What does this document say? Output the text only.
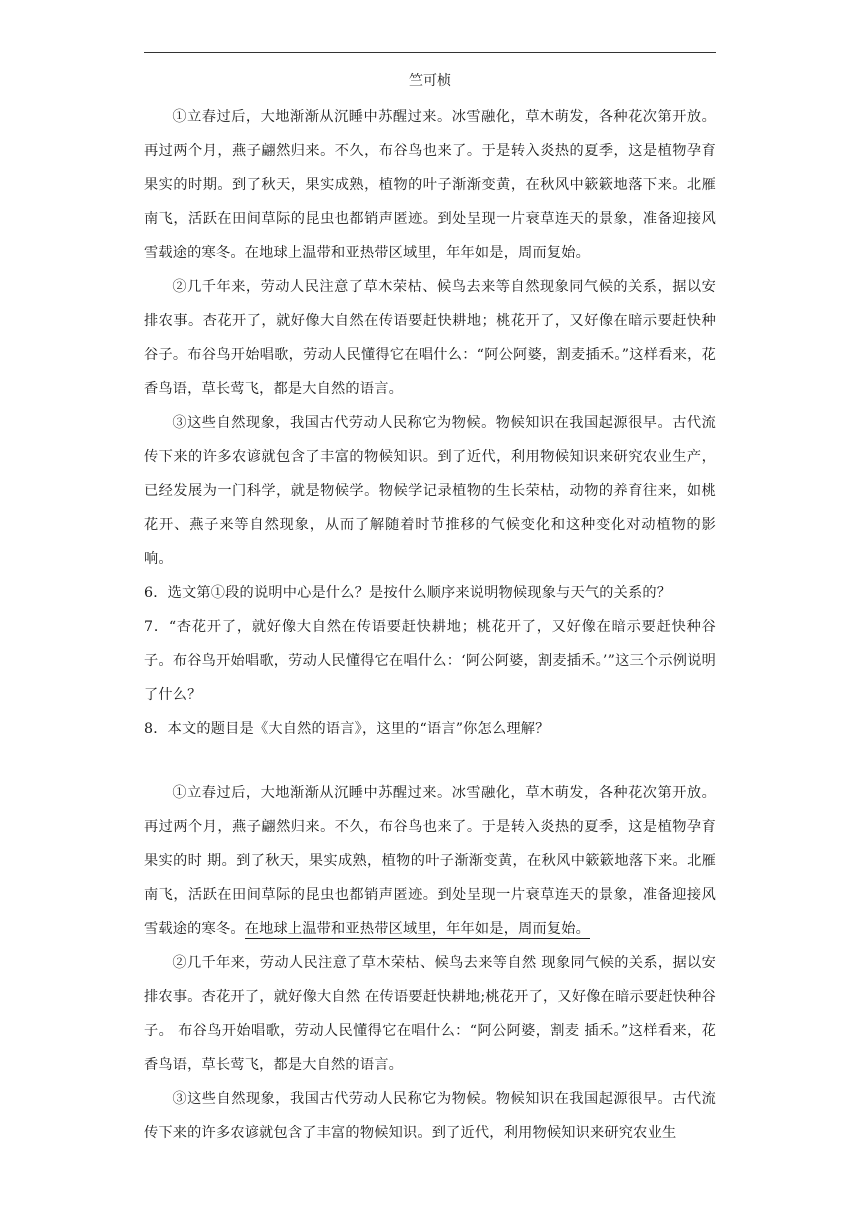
竺可桢

①立春过后，大地渐渐从沉睡中苏醒过来。冰雪融化，草木萌发，各种花次第开放。再过两个月，燕子翩然归来。不久，布谷鸟也来了。于是转入炎热的夏季，这是植物孕育果实的时期。到了秋天，果实成熟，植物的叶子渐渐变黄，在秋风中簌簌地落下来。北雁南飞，活跃在田间草际的昆虫也都销声匿迹。到处呈现一片衰草连天的景象，准备迎接风雪载途的寒冬。在地球上温带和亚热带区域里，年年如是，周而复始。

②几千年来，劳动人民注意了草木荣枯、候鸟去来等自然现象同气候的关系，据以安排农事。杏花开了，就好像大自然在传语要赶快耕地；桃花开了，又好像在暗示要赶快种谷子。布谷鸟开始唱歌，劳动人民懂得它在唱什么：“阿公阿婆，割麦插禾。”这样看来，花香鸟语，草长莺飞，都是大自然的语言。

③这些自然现象，我国古代劳动人民称它为物候。物候知识在我国起源很早。古代流传下来的许多农谚就包含了丰富的物候知识。到了近代，利用物候知识来研究农业生产，已经发展为一门科学，就是物候学。物候学记录植物的生长荣枯，动物的养育往来，如桃花开、燕子来等自然现象，从而了解随着时节推移的气候变化和这种变化对动植物的影响。

6．选文第①段的说明中心是什么？是按什么顺序来说明物候现象与天气的关系的？

7．“杏花开了，就好像大自然在传语要赶快耕地；桃花开了，又好像在暗示要赶快种谷子。布谷鸟开始唱歌，劳动人民懂得它在唱什么：‘阿公阿婆，割麦插禾。’”这三个示例说明了什么？

8．本文的题目是《大自然的语言》，这里的“语言”你怎么理解？

①立春过后，大地渐渐从沉睡中苏醒过来。冰雪融化，草木萌发，各种花次第开放。再过两个月，燕子翩然归来。不久，布谷鸟也来了。于是转入炎热的夏季，这是植物孕育果实的时 期。到了秋天，果实成熟，植物的叶子渐渐变黄，在秋风中簌簌地落下来。北雁南飞，活跃在田间草际的昆虫也都销声匿迹。到处呈现一片衰草连天的景象，准备迎接风雪载途的寒冬。在地球上温带和亚热带区域里，年年如是，周而复始。

②几千年来，劳动人民注意了草木荣枯、候鸟去来等自然 现象同气候的关系，据以安排农事。杏花开了，就好像大自然 在传语要赶快耕地;桃花开了，又好像在暗示要赶快种谷子。 布谷鸟开始唱歌，劳动人民懂得它在唱什么：“阿公阿婆，割麦 插禾。”这样看来，花香鸟语，草长莺飞，都是大自然的语言。

③这些自然现象，我国古代劳动人民称它为物候。物候知识在我国起源很早。古代流传下来的许多农谚就包含了丰富的物候知识。到了近代，利用物候知识来研究农业生
